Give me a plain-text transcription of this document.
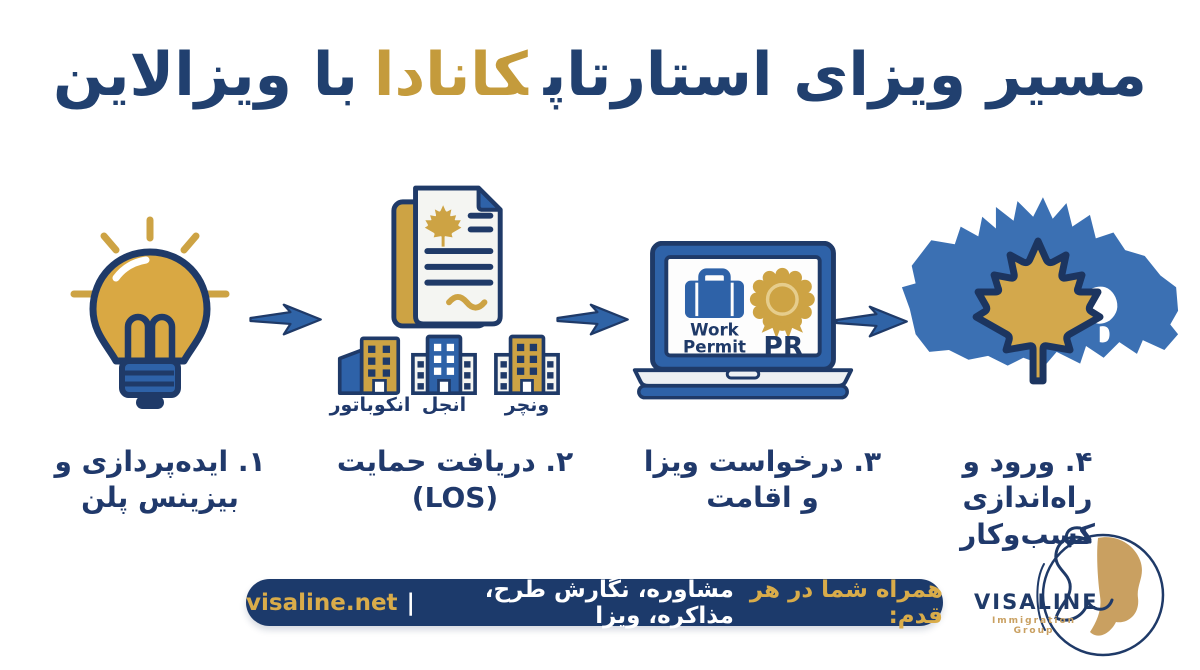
مسیر ویزای استارتاپکانادابا ویزالاین
انکوباتور انجل	ونچر
Work
Permit PR
۱. ایده‌پردازی و
بیزینس پلن
۲. دریافت حمایت
(LOS)
۳. درخواست ویزا
و اقامت
۴. ورود و راه‌اندازی
کسب‌وکار
همراه شما در هر قدم:
مشاوره، نگارش طرح، مذاکره، ویزا
|
visaline.net	VISALINE
Immigration Group
